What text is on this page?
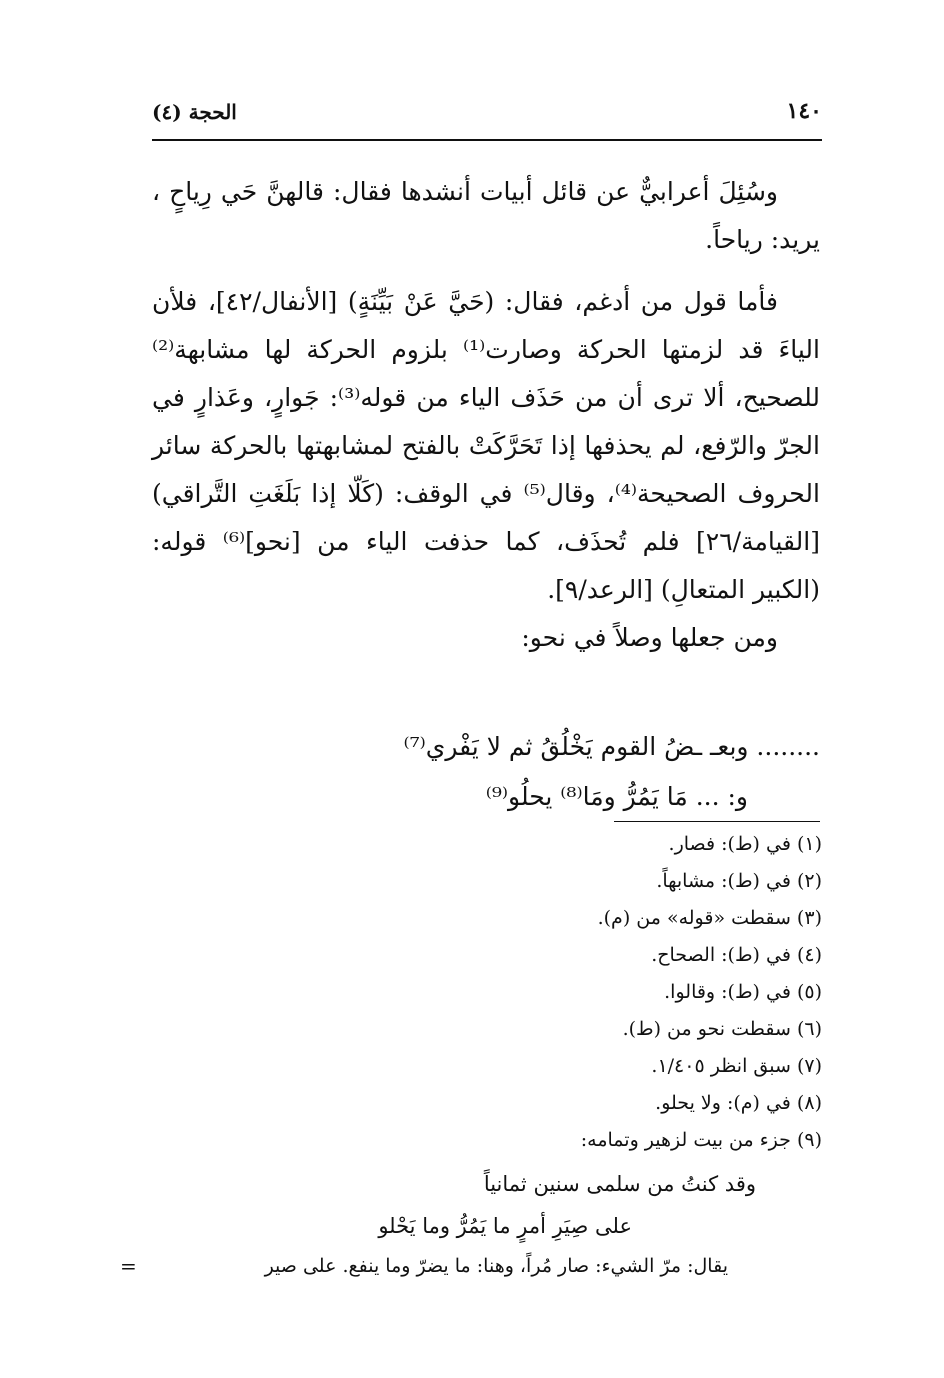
١٤٠
الحجة (٤)

وسُئِلَ أعرابيٌّ عن قائل أبيات أنشدها فقال: قالهنَّ حَي رِياحٍ ، يريد: رياحاً.

فأما قول من أدغم، فقال: (حَيَّ عَنْ بَيِّنَةٍ) [الأنفال/٤٢]، فلأن الياءَ قد لزمتها الحركة وصارت⁽¹⁾ بلزوم الحركة لها مشابهة⁽²⁾ للصحيح، ألا ترى أن من حَذَف الياء من قوله⁽³⁾: جَوارٍ، وعَذارٍ في الجرّ والرّفع، لم يحذفها إذا تَحَرَّكَتْ بالفتح لمشابهتها بالحركة سائر الحروف الصحيحة⁽⁴⁾، وقال⁽⁵⁾ في الوقف: (كَلّا إذا بَلَغَتِ التَّراقي) [القيامة/٢٦] فلم تُحذَف، كما حذفت الياء من [نحو]⁽⁶⁾ قوله: (الكبير المتعالِ) [الرعد/٩].

ومن جعلها وصلاً في نحو:

........ وبعـ ـضُ القوم يَخْلُقُ ثم لا يَفْري⁽⁷⁾

و: ... مَا يَمُرُّ ومَا⁽⁸⁾ يحلُو⁽⁹⁾

(١) في (ط): فصار.

(٢) في (ط): مشابهاً.

(٣) سقطت «قوله» من (م).

(٤) في (ط): الصحاح.

(٥) في (ط): وقالوا.

(٦) سقطت نحو من (ط).

(٧) سبق انظر ١/٤٠٥.

(٨) في (م): ولا يحلو.

(٩) جزء من بيت لزهير وتمامه:

وقد كنتُ من سلمى سنين ثمانياً

على صِيَرِ أمرٍ ما يَمُرُّ وما يَحْلو

يقال: مرّ الشيء: صار مُراً، وهنا: ما يضرّ وما ينفع. على صير
=
